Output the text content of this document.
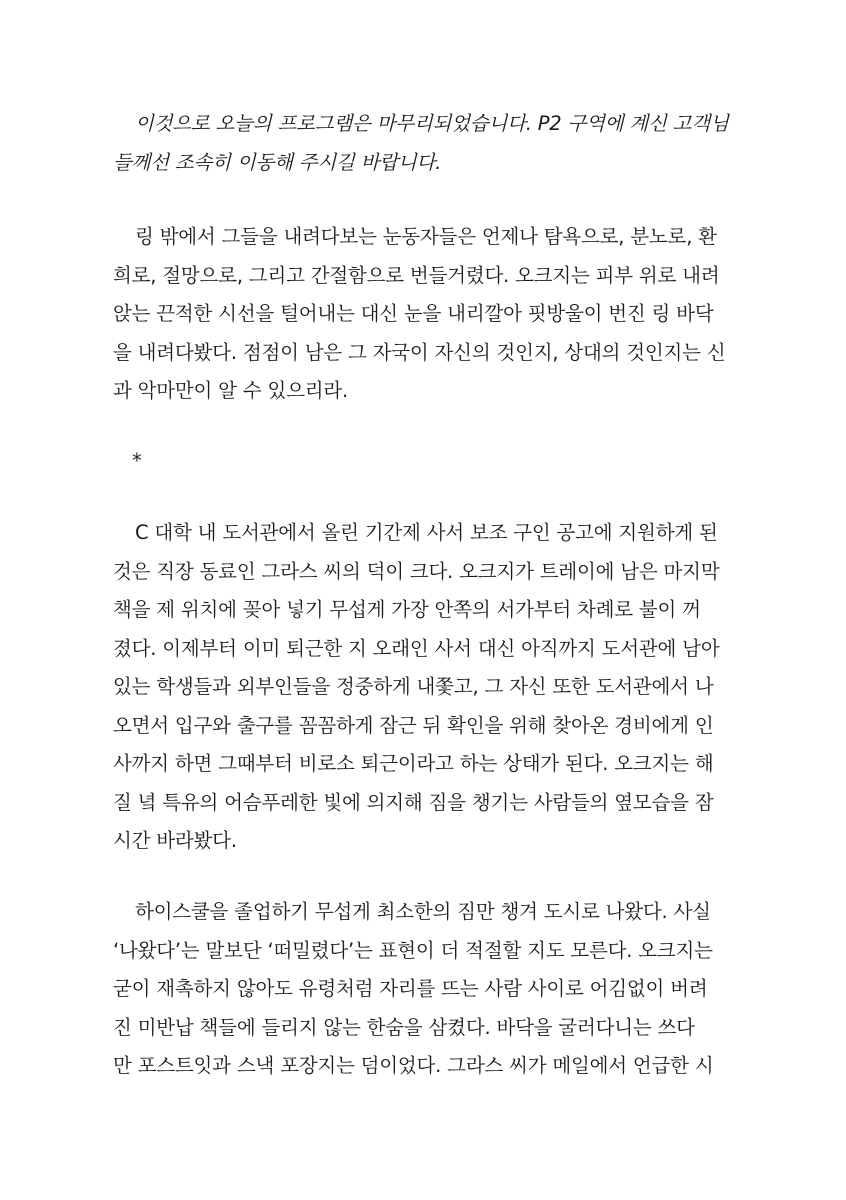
이것으로 오늘의 프로그램은 마무리되었습니다. P2 구역에 계신 고객님
들께선 조속히 이동해 주시길 바랍니다.
링 밖에서 그들을 내려다보는 눈동자들은 언제나 탐욕으로, 분노로, 환
희로, 절망으로, 그리고 간절함으로 번들거렸다. 오크지는 피부 위로 내려
앉는 끈적한 시선을 털어내는 대신 눈을 내리깔아 핏방울이 번진 링 바닥
을 내려다봤다. 점점이 남은 그 자국이 자신의 것인지, 상대의 것인지는 신
과 악마만이 알 수 있으리라.
*
C 대학 내 도서관에서 올린 기간제 사서 보조 구인 공고에 지원하게 된
것은 직장 동료인 그라스 씨의 덕이 크다. 오크지가 트레이에 남은 마지막
책을 제 위치에 꽂아 넣기 무섭게 가장 안쪽의 서가부터 차례로 불이 꺼
졌다. 이제부터 이미 퇴근한 지 오래인 사서 대신 아직까지 도서관에 남아
있는 학생들과 외부인들을 정중하게 내쫓고, 그 자신 또한 도서관에서 나
오면서 입구와 출구를 꼼꼼하게 잠근 뒤 확인을 위해 찾아온 경비에게 인
사까지 하면 그때부터 비로소 퇴근이라고 하는 상태가 된다. 오크지는 해
질 녘 특유의 어슴푸레한 빛에 의지해 짐을 챙기는 사람들의 옆모습을 잠
시간 바라봤다.
하이스쿨을 졸업하기 무섭게 최소한의 짐만 챙겨 도시로 나왔다. 사실
‘나왔다’는 말보단 ‘떠밀렸다’는 표현이 더 적절할 지도 모른다. 오크지는
굳이 재촉하지 않아도 유령처럼 자리를 뜨는 사람 사이로 어김없이 버려
진 미반납 책들에 들리지 않는 한숨을 삼켰다. 바닥을 굴러다니는 쓰다
만 포스트잇과 스낵 포장지는 덤이었다. 그라스 씨가 메일에서 언급한 시
